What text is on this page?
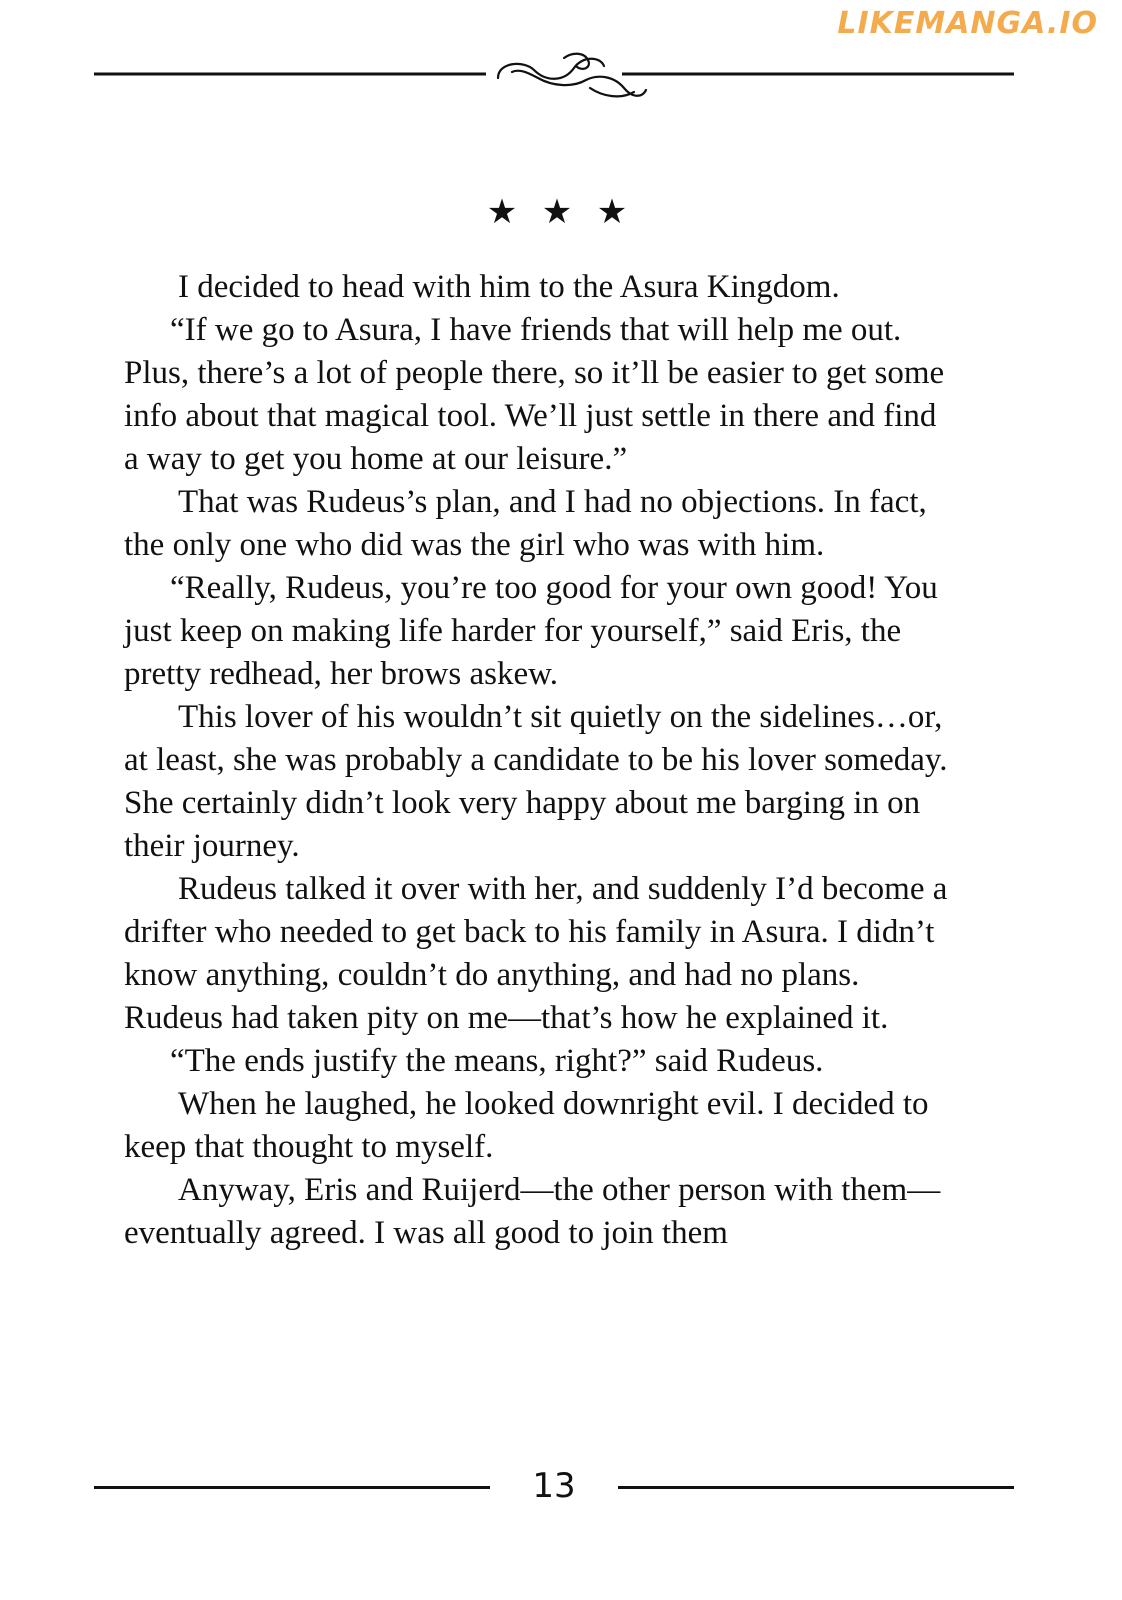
LIKEMANGA.IO
★ ★ ★

I decided to head with him to the Asura Kingdom.

“If we go to Asura, I have friends that will help me out. Plus, there’s a lot of people there, so it’ll be easier to get some info about that magical tool. We’ll just settle in there and find a way to get you home at our leisure.”

That was Rudeus’s plan, and I had no objections. In fact, the only one who did was the girl who was with him.

“Really, Rudeus, you’re too good for your own good! You just keep on making life harder for yourself,” said Eris, the pretty redhead, her brows askew.

This lover of his wouldn’t sit quietly on the sidelines…or, at least, she was probably a candidate to be his lover someday. She certainly didn’t look very happy about me barging in on their journey.

Rudeus talked it over with her, and suddenly I’d become a drifter who needed to get back to his family in Asura. I didn’t know anything, couldn’t do anything, and had no plans. Rudeus had taken pity on me—that’s how he explained it.

“The ends justify the means, right?” said Rudeus.

When he laughed, he looked downright evil. I decided to keep that thought to myself.

Anyway, Eris and Ruijerd—the other person with them—eventually agreed. I was all good to join them

13
